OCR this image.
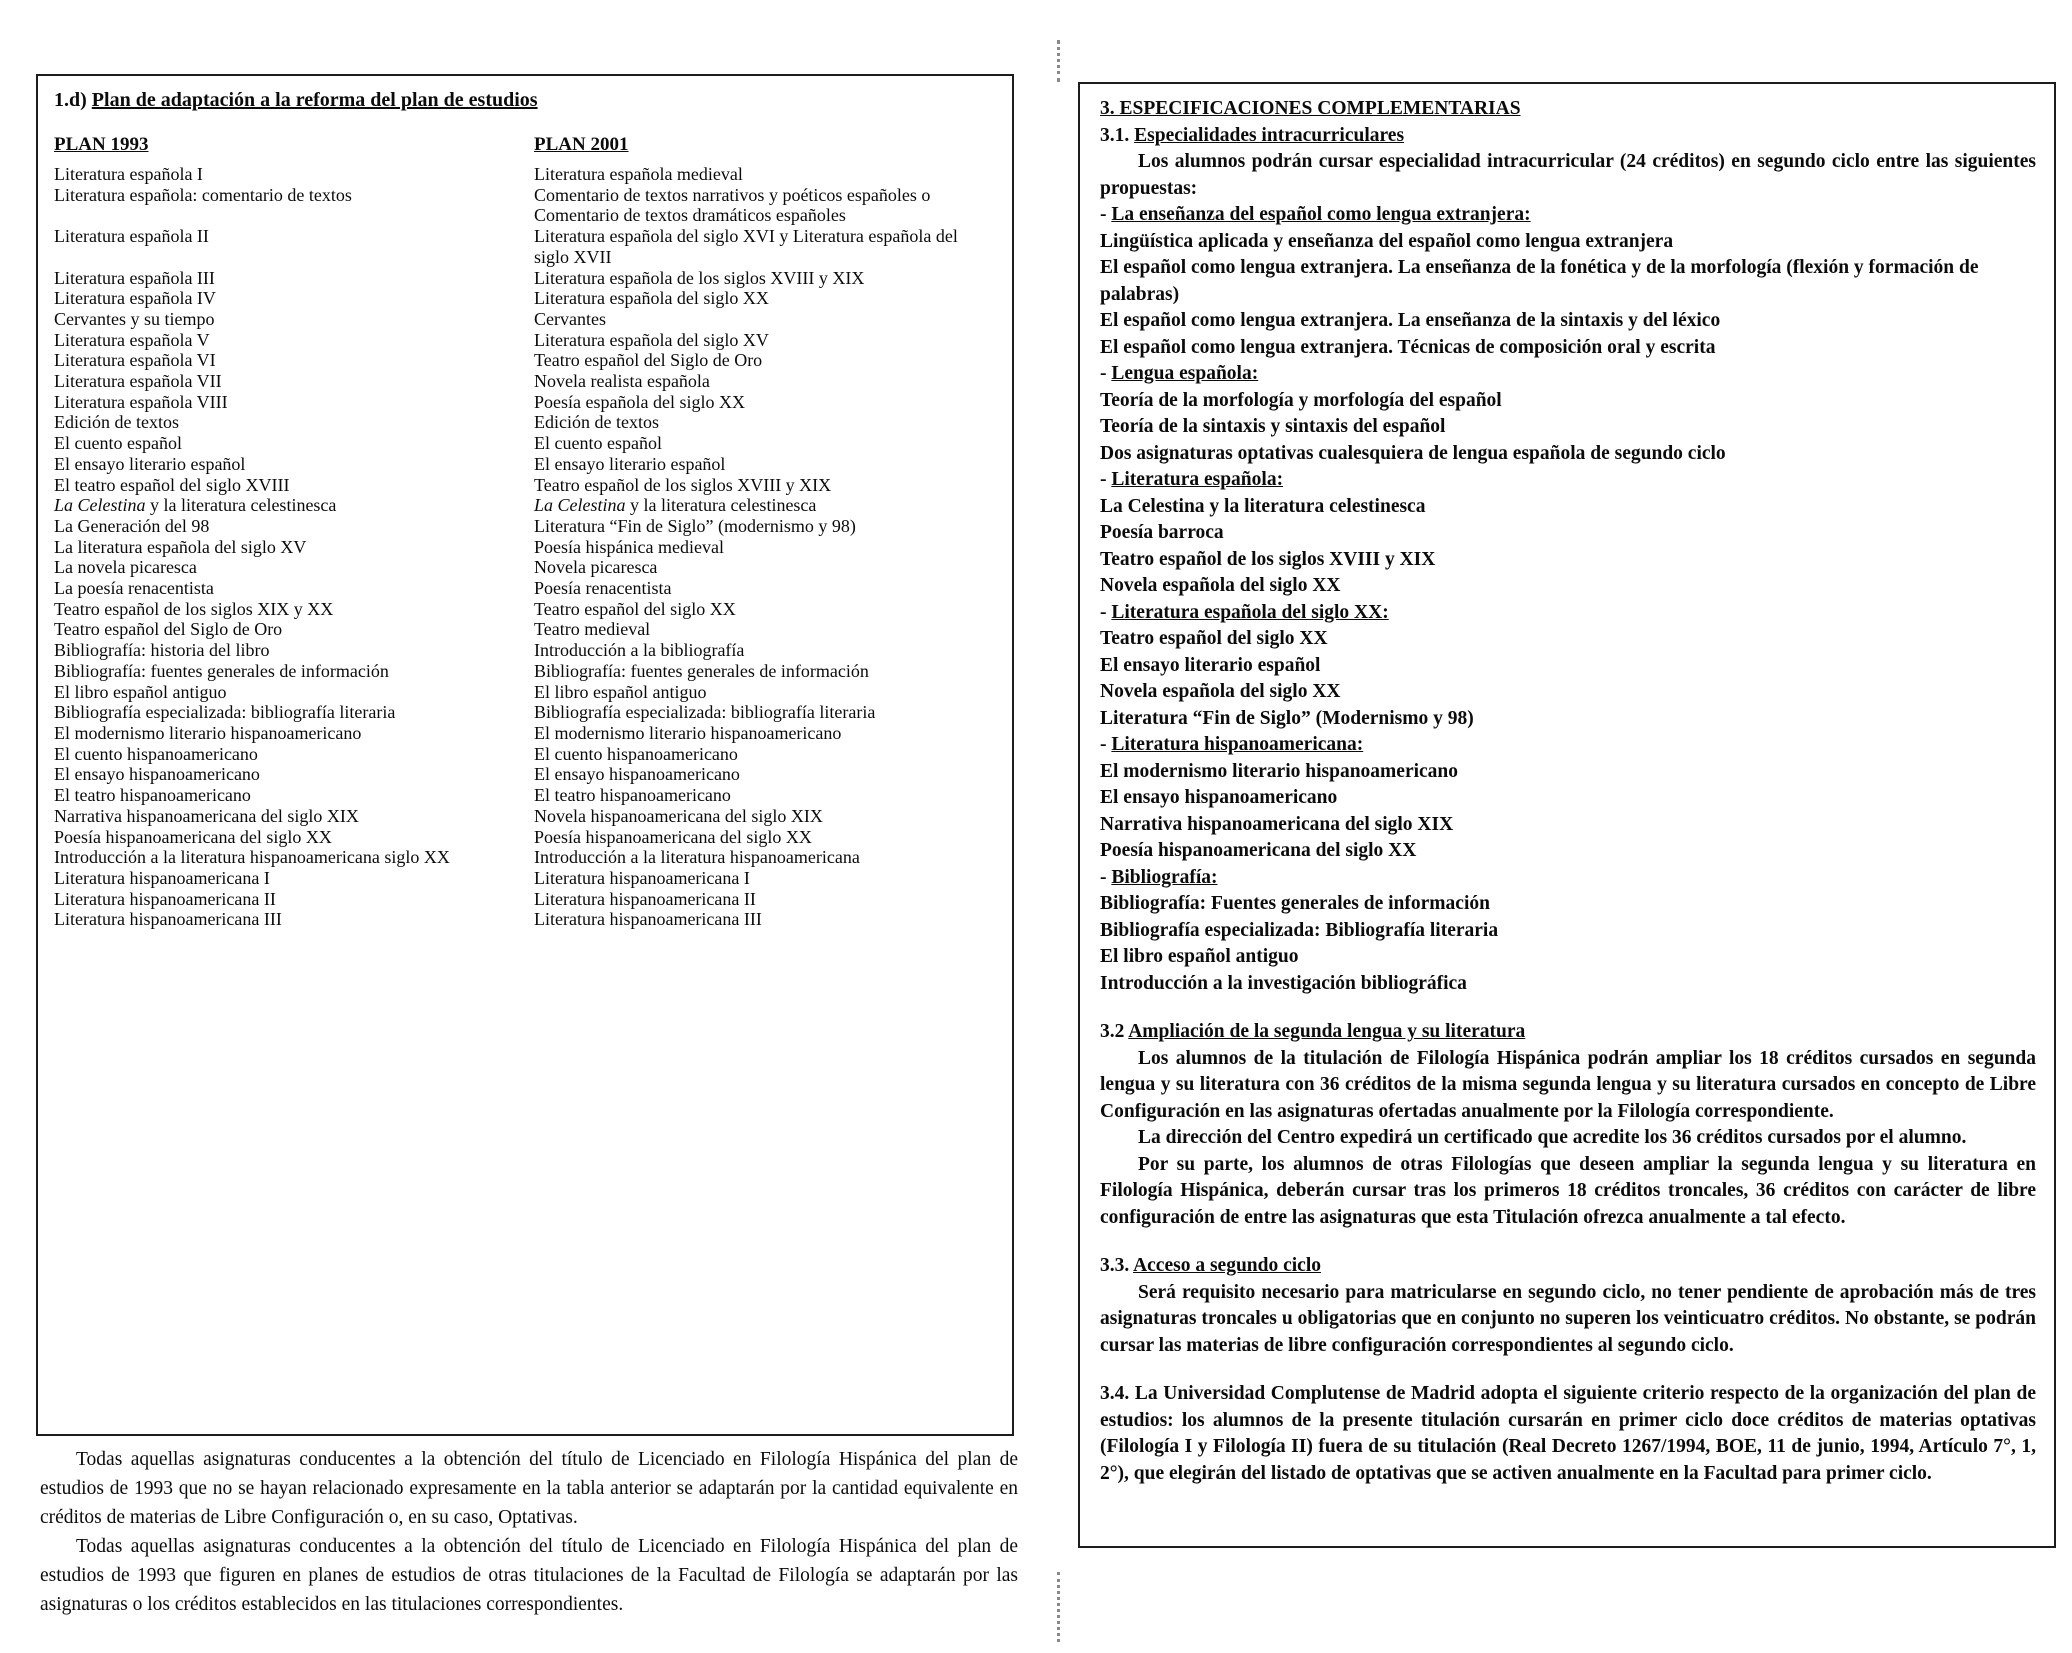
1.d) Plan de adaptación a la reforma del plan de estudios
PLAN 1993	PLAN 2001
Literatura española I	Literatura española medieval
Literatura española: comentario de textos	Comentario de textos narrativos y poéticos españoles o Comentario de textos dramáticos españoles
Literatura española II	Literatura española del siglo XVI y Literatura española del siglo XVII
Literatura española III	Literatura española de los siglos XVIII y XIX
Literatura española IV	Literatura española del siglo XX
Cervantes y su tiempo	Cervantes
Literatura española V	Literatura española del siglo XV
Literatura española VI	Teatro español del Siglo de Oro
Literatura española VII	Novela realista española
Literatura española VIII	Poesía española del siglo XX
Edición de textos	Edición de textos
El cuento español	El cuento español
El ensayo literario español	El ensayo literario español
El teatro español del siglo XVIII	Teatro español de los siglos XVIII y XIX
La Celestina y la literatura celestinesca	La Celestina y la literatura celestinesca
La Generación del 98	Literatura “Fin de Siglo” (modernismo y 98)
La literatura española del siglo XV	Poesía hispánica medieval
La novela picaresca	Novela picaresca
La poesía renacentista	Poesía renacentista
Teatro español de los siglos XIX y XX	Teatro español del siglo XX
Teatro español del Siglo de Oro	Teatro medieval
Bibliografía: historia del libro	Introducción a la bibliografía
Bibliografía: fuentes generales de información	Bibliografía: fuentes generales de información
El libro español antiguo	El libro español antiguo
Bibliografía especializada: bibliografía literaria	Bibliografía especializada: bibliografía literaria
El modernismo literario hispanoamericano	El modernismo literario hispanoamericano
El cuento hispanoamericano	El cuento hispanoamericano
El ensayo hispanoamericano	El ensayo hispanoamericano
El teatro hispanoamericano	El teatro hispanoamericano
Narrativa hispanoamericana del siglo XIX	Novela hispanoamericana del siglo XIX
Poesía hispanoamericana del siglo XX	Poesía hispanoamericana del siglo XX
Introducción a la literatura hispanoamericana siglo XX	Introducción a la literatura hispanoamericana
Literatura hispanoamericana I	Literatura hispanoamericana I
Literatura hispanoamericana II	Literatura hispanoamericana II
Literatura hispanoamericana III	Literatura hispanoamericana III

Todas aquellas asignaturas conducentes a la obtención del título de Licenciado en Filología Hispánica del plan de estudios de 1993 que no se hayan relacionado expresamente en la tabla anterior se adaptarán por la cantidad equivalente en créditos de materias de Libre Configuración o, en su caso, Optativas.

Todas aquellas asignaturas conducentes a la obtención del título de Licenciado en Filología Hispánica del plan de estudios de 1993 que figuren en planes de estudios de otras titulaciones de la Facultad de Filología se adaptarán por las asignaturas o los créditos establecidos en las titulaciones correspondientes.

3. ESPECIFICACIONES COMPLEMENTARIAS
3.1. Especialidades intracurriculares
Los alumnos podrán cursar especialidad intracurricular (24 créditos) en segundo ciclo entre las siguientes propuestas:
- La enseñanza del español como lengua extranjera:
Lingüística aplicada y enseñanza del español como lengua extranjera
El español como lengua extranjera. La enseñanza de la fonética y de la morfología (flexión y formación de palabras)
El español como lengua extranjera. La enseñanza de la sintaxis y del léxico
El español como lengua extranjera. Técnicas de composición oral y escrita
- Lengua española:
Teoría de la morfología y morfología del español
Teoría de la sintaxis y sintaxis del español
Dos asignaturas optativas cualesquiera de lengua española de segundo ciclo
- Literatura española:
La Celestina y la literatura celestinesca
Poesía barroca
Teatro español de los siglos XVIII y XIX
Novela española del siglo XX
- Literatura española del siglo XX:
Teatro español del siglo XX
El ensayo literario español
Novela española del siglo XX
Literatura “Fin de Siglo” (Modernismo y 98)
- Literatura hispanoamericana:
El modernismo literario hispanoamericano
El ensayo hispanoamericano
Narrativa hispanoamericana del siglo XIX
Poesía hispanoamericana del siglo XX
- Bibliografía:
Bibliografía: Fuentes generales de información
Bibliografía especializada: Bibliografía literaria
El libro español antiguo
Introducción a la investigación bibliográfica
3.2 Ampliación de la segunda lengua y su literatura
Los alumnos de la titulación de Filología Hispánica podrán ampliar los 18 créditos cursados en segunda lengua y su literatura con 36 créditos de la misma segunda lengua y su literatura cursados en concepto de Libre Configuración en las asignaturas ofertadas anualmente por la Filología correspondiente.
La dirección del Centro expedirá un certificado que acredite los 36 créditos cursados por el alumno.
Por su parte, los alumnos de otras Filologías que deseen ampliar la segunda lengua y su literatura en Filología Hispánica, deberán cursar tras los primeros 18 créditos troncales, 36 créditos con carácter de libre configuración de entre las asignaturas que esta Titulación ofrezca anualmente a tal efecto.
3.3. Acceso a segundo ciclo
Será requisito necesario para matricularse en segundo ciclo, no tener pendiente de aprobación más de tres asignaturas troncales u obligatorias que en conjunto no superen los veinticuatro créditos. No obstante, se podrán cursar las materias de libre configuración correspondientes al segundo ciclo.
3.4. La Universidad Complutense de Madrid adopta el siguiente criterio respecto de la organización del plan de estudios: los alumnos de la presente titulación cursarán en primer ciclo doce créditos de materias optativas (Filología I y Filología II) fuera de su titulación (Real Decreto 1267/1994, BOE, 11 de junio, 1994, Artículo 7°, 1, 2°), que elegirán del listado de optativas que se activen anualmente en la Facultad para primer ciclo.
